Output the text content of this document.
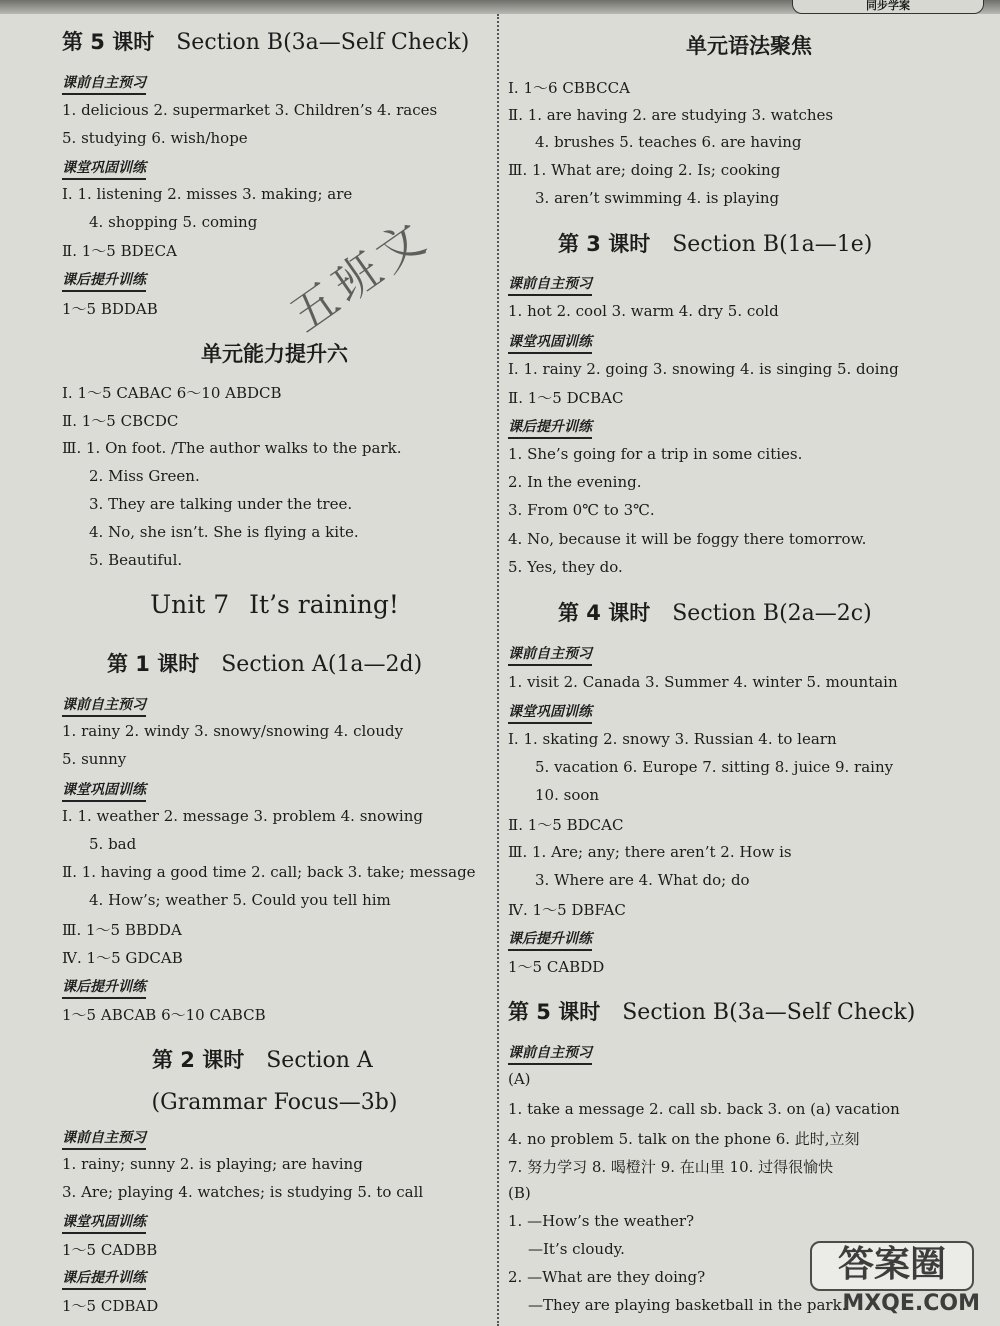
同步学案
第 5 课时 Section B(3a—Self Check)
课前自主预习
1. delicious 2. supermarket 3. Children’s 4. races
5. studying 6. wish/hope
课堂巩固训练
Ⅰ. 1. listening 2. misses 3. making; are
4. shopping 5. coming
Ⅱ. 1～5 BDECA
课后提升训练
1～5 BDDAB
单元能力提升六
Ⅰ. 1～5 CABAC 6～10 ABDCB
Ⅱ. 1～5 CBCDC
Ⅲ. 1. On foot. /The author walks to the park.
2. Miss Green.
3. They are talking under the tree.
4. No, she isn’t. She is flying a kite.
5. Beautiful.
Unit 7 It’s raining!
第 1 课时 Section A(1a—2d)
课前自主预习
1. rainy 2. windy 3. snowy/snowing 4. cloudy
5. sunny
课堂巩固训练
Ⅰ. 1. weather 2. message 3. problem 4. snowing
5. bad
Ⅱ. 1. having a good time 2. call; back 3. take; message
4. How’s; weather 5. Could you tell him
Ⅲ. 1～5 BBDDA
Ⅳ. 1～5 GDCAB
课后提升训练
1～5 ABCAB 6～10 CABCB
第 2 课时 Section A
(Grammar Focus—3b)
课前自主预习
1. rainy; sunny 2. is playing; are having
3. Are; playing 4. watches; is studying 5. to call
课堂巩固训练
1～5 CADBB
课后提升训练
1～5 CDBAD
五班文
单元语法聚焦
Ⅰ. 1～6 CBBCCA
Ⅱ. 1. are having 2. are studying 3. watches
4. brushes 5. teaches 6. are having
Ⅲ. 1. What are; doing 2. Is; cooking
3. aren’t swimming 4. is playing
第 3 课时 Section B(1a—1e)
课前自主预习
1. hot 2. cool 3. warm 4. dry 5. cold
课堂巩固训练
Ⅰ. 1. rainy 2. going 3. snowing 4. is singing 5. doing
Ⅱ. 1～5 DCBAC
课后提升训练
1. She’s going for a trip in some cities.
2. In the evening.
3. From 0℃ to 3℃.
4. No, because it will be foggy there tomorrow.
5. Yes, they do.
第 4 课时 Section B(2a—2c)
课前自主预习
1. visit 2. Canada 3. Summer 4. winter 5. mountain
课堂巩固训练
Ⅰ. 1. skating 2. snowy 3. Russian 4. to learn
5. vacation 6. Europe 7. sitting 8. juice 9. rainy
10. soon
Ⅱ. 1～5 BDCAC
Ⅲ. 1. Are; any; there aren’t 2. How is
3. Where are 4. What do; do
Ⅳ. 1～5 DBFAC
课后提升训练
1～5 CABDD
第 5 课时 Section B(3a—Self Check)
课前自主预习
(A)
1. take a message 2. call sb. back 3. on (a) vacation
4. no problem 5. talk on the phone 6. 此时,立刻
7. 努力学习 8. 喝橙汁 9. 在山里 10. 过得很愉快
(B)
1. —How’s the weather?
—It’s cloudy.
2. —What are they doing?
—They are playing basketball in the park.
答案圈
MXQE.COM
